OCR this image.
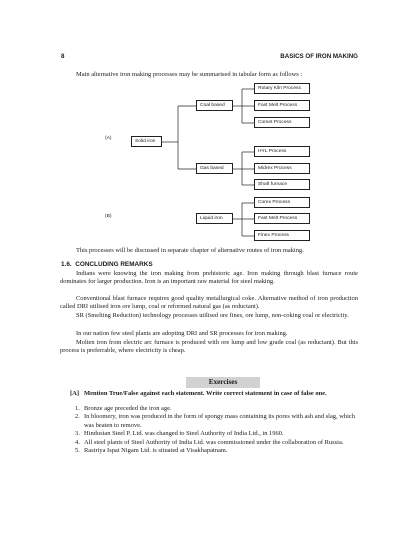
8	BASICS OF IRON MAKING
Main alternative iron making processes may be summarised in tabular form as follows :
(A)
(B)
Solid iron
Coal based
Gas based
Liquid iron
Rotary Kiln Process
Fast Melt Process
Comet Process
HYL Process
Midrex Process
Shaft furnace
Corex Process
Fast Melt Process
Finex Process
This processes will be discussed in separate chapter of alternative routes of iron making.
1.6. CONCLUDING REMARKS
Indians were knowing the iron making from prehistoric age. Iron making through blast furnace route dominates for larger production. Iron is an important raw material for steel making.
Conventional blast furnace requires good quality metallurgical coke. Alternative method of iron production called DRI utilised iron ore lump, coal or reformed natural gas (as reductant).
SR (Smelting Reduction) technology processes utilised ore fines, ore lump, non-coking coal or electricity.
In our nation few steel plants are adopting DRI and SR processes for iron making.
Molten iron from electric arc furnace is produced with ore lump and low grade coal (as reductant). But this process is preferrable, where electricity is cheap.
Exercises
[A] Mention True/False against each statement. Write correct statement in case of false one.
1. Bronze age preceded the iron age.
2. In bloomery, iron was produced in the form of spongy mass containing its pores with ash and slag, which was beaten to remove.
3. Hindustan Steel P. Ltd. was changed to Steel Authority of India Ltd., in 1960.
4. All steel plants of Steel Authority of India Ltd. was commissioned under the collaboration of Russia.
5. Rastriya Ispat Nigam Ltd. is situated at Visakhapatnam.
